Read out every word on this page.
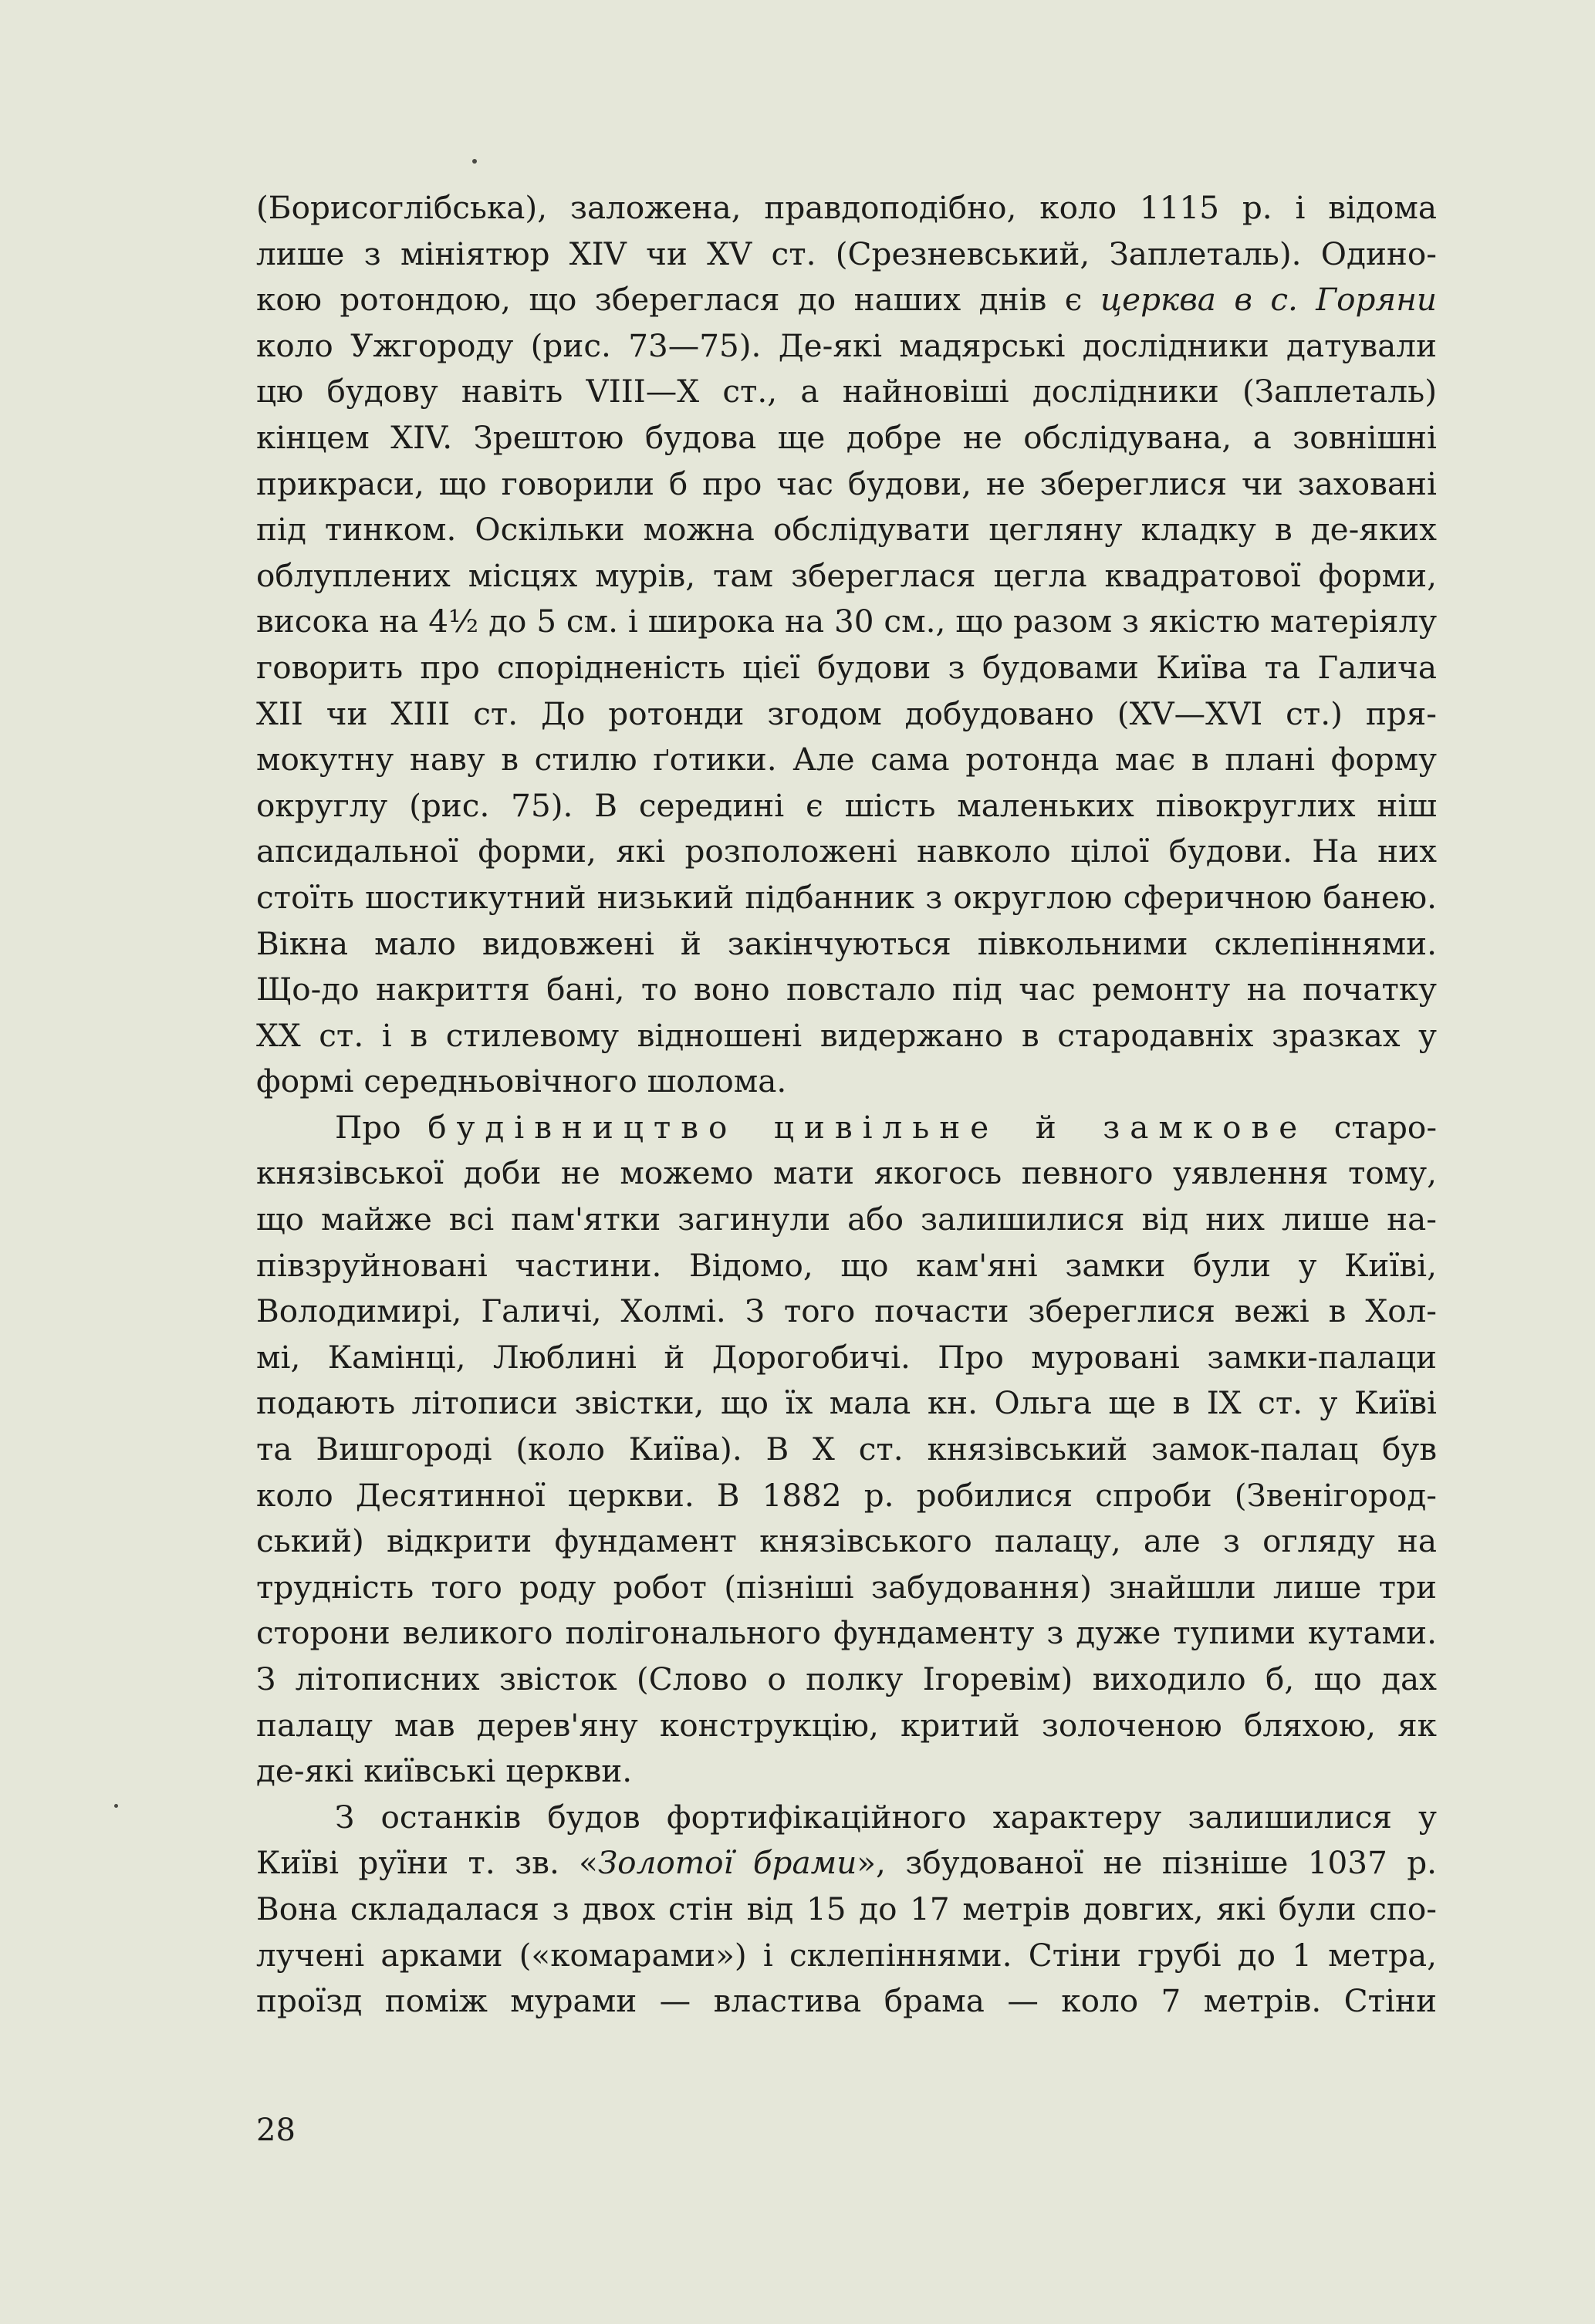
(Борисоглібська), заложена, правдоподібно, коло 1115 р. і відома
лише з мініятюр XIV чи XV ст. (Срезневський, Заплеталь). Одино-
кою ротондою, що збереглася до наших днів є церква в с. Горяни
коло Ужгороду (рис. 73—75). Де-які мадярські дослідники датували
цю будову навіть VIII—X ст., а найновіші дослідники (Заплеталь)
кінцем XIV. Зрештою будова ще добре не обслідувана, а зовнішні
прикраси, що говорили б про час будови, не збереглися чи заховані
під тинком. Оскільки можна обслідувати цегляну кладку в де-яких
облуплених місцях мурів, там збереглася цегла квадратової форми,
висока на 4½ до 5 см. і широка на 30 см., що разом з якістю матеріялу
говорить про спорідненість цієї будови з будовами Київа та Галича
XII чи XIII ст. До ротонди згодом добудовано (XV—XVI ст.) пря-
мокутну наву в стилю ґотики. Але сама ротонда має в плані форму
округлу (рис. 75). В середині є шість маленьких півокруглих ніш
апсидальної форми, які розположені навколо цілої будови. На них
стоїть шостикутний низький підбанник з округлою сферичною банею.
Вікна мало видовжені й закінчуються півкольними склепіннями.
Що-до накриття бані, то воно повстало під час ремонту на початку
XX ст. і в стилевому відношені видержано в стародавніх зразках у
формі середньовічного шолома.
Про будівництво цивільне й замкове старо-
князівської доби не можемо мати якогось певного уявлення тому,
що майже всі пам'ятки загинули або залишилися від них лише на-
півзруйновані частини. Відомо, що кам'яні замки були у Київі,
Володимирі, Галичі, Холмі. З того почасти збереглися вежі в Хол-
мі, Камінці, Люблині й Дорогобичі. Про муровані замки-палаци
подають літописи звістки, що їх мала кн. Ольга ще в IX ст. у Київі
та Вишгороді (коло Київа). В X ст. князівський замок-палац був
коло Десятинної церкви. В 1882 р. робилися спроби (Звенігород-
ський) відкрити фундамент князівського палацу, але з огляду на
трудність того роду робот (пізніші забудовання) знайшли лише три
сторони великого полігонального фундаменту з дуже тупими кутами.
З літописних звісток (Слово о полку Ігоревім) виходило б, що дах
палацу мав дерев'яну конструкцію, критий золоченою бляхою, як
де-які київські церкви.
З останків будов фортифікаційного характеру залишилися у
Київі руїни т. зв. «Золотої брами», збудованої не пізніше 1037 р.
Вона складалася з двох стін від 15 до 17 метрів довгих, які були спо-
лучені арками («комарами») і склепіннями. Стіни грубі до 1 метра,
проїзд поміж мурами — властива брама — коло 7 метрів. Стіни
28
